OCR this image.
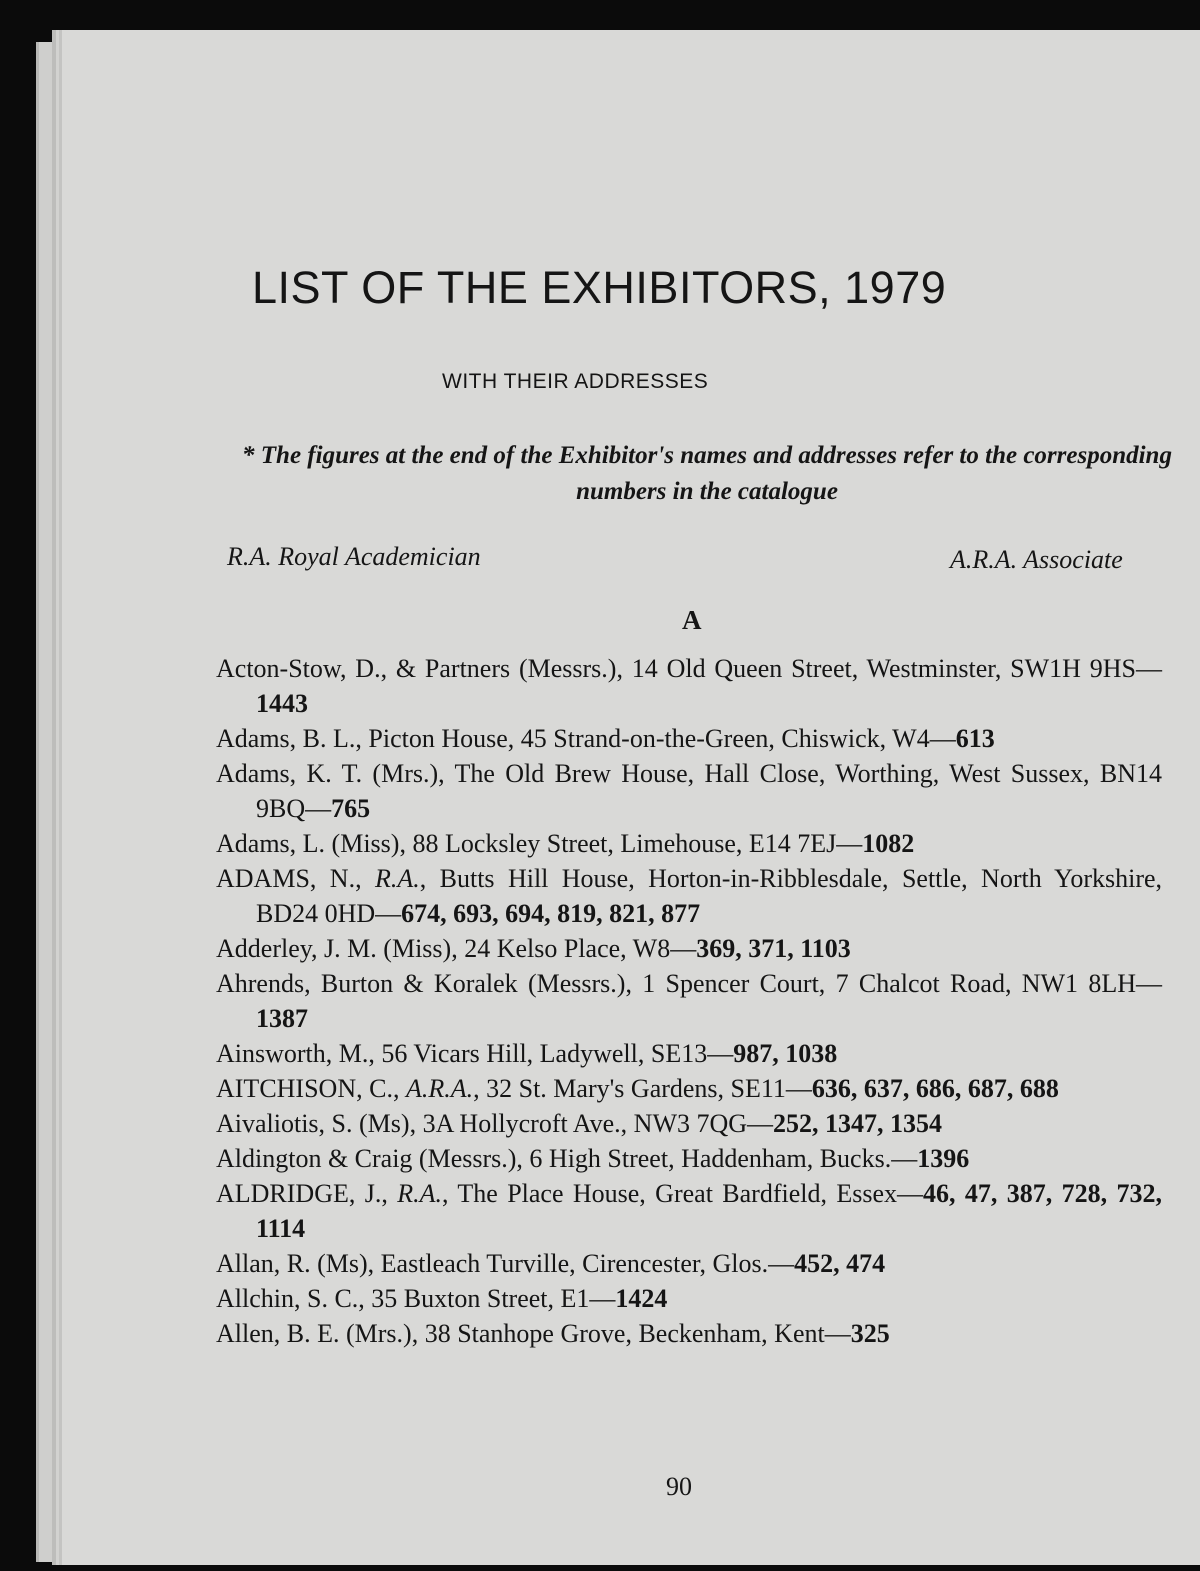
LIST OF THE EXHIBITORS, 1979
WITH THEIR ADDRESSES
* The figures at the end of the Exhibitor's names and addresses refer to the corresponding numbers in the catalogue
R.A. Royal Academician	A.R.A. Associate
A
Acton-Stow, D., & Partners (Messrs.), 14 Old Queen Street, Westminster, SW1H 9HS—1443
Adams, B. L., Picton House, 45 Strand-on-the-Green, Chiswick, W4—613
Adams, K. T. (Mrs.), The Old Brew House, Hall Close, Worthing, West Sussex, BN14 9BQ—765
Adams, L. (Miss), 88 Locksley Street, Limehouse, E14 7EJ—1082
ADAMS, N., R.A., Butts Hill House, Horton-in-Ribblesdale, Settle, North Yorkshire, BD24 0HD—674, 693, 694, 819, 821, 877
Adderley, J. M. (Miss), 24 Kelso Place, W8—369, 371, 1103
Ahrends, Burton & Koralek (Messrs.), 1 Spencer Court, 7 Chalcot Road, NW1 8LH—1387
Ainsworth, M., 56 Vicars Hill, Ladywell, SE13—987, 1038
AITCHISON, C., A.R.A., 32 St. Mary's Gardens, SE11—636, 637, 686, 687, 688
Aivaliotis, S. (Ms), 3A Hollycroft Ave., NW3 7QG—252, 1347, 1354
Aldington & Craig (Messrs.), 6 High Street, Haddenham, Bucks.—1396
ALDRIDGE, J., R.A., The Place House, Great Bardfield, Essex—46, 47, 387, 728, 732, 1114
Allan, R. (Ms), Eastleach Turville, Cirencester, Glos.—452, 474
Allchin, S. C., 35 Buxton Street, E1—1424
Allen, B. E. (Mrs.), 38 Stanhope Grove, Beckenham, Kent—325
90
